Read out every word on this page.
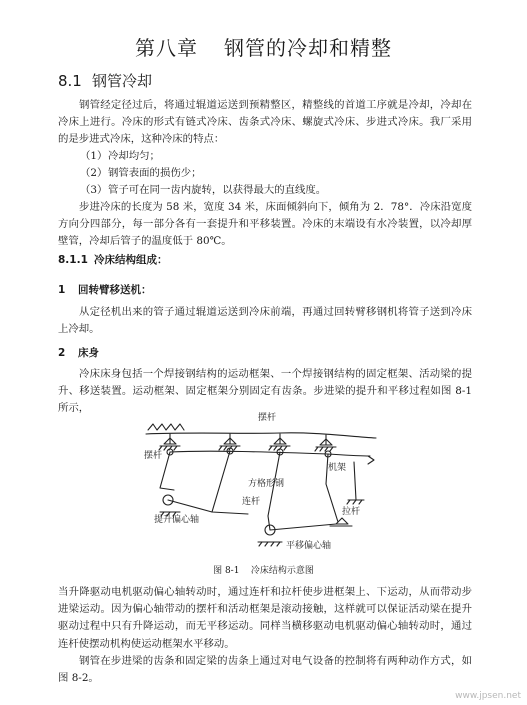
第八章 钢管的冷却和精整
8.1 钢管冷却

钢管经定径过后，将通过辊道运送到预精整区，精整线的首道工序就是冷却，冷却在冷床上进行。冷床的形式有链式冷床、齿条式冷床、螺旋式冷床、步进式冷床。我厂采用的是步进式冷床，这种冷床的特点：

（1）冷却均匀；
（2）钢管表面的损伤少；
（3）管子可在同一齿内旋转，以获得最大的直线度。

步进冷床的长度为 58 米，宽度 34 米，床面倾斜向下，倾角为 2．78°．冷床沿宽度方向分四部分，每一部分各有一套提升和平移装置。冷床的末端设有水冷装置，以冷却厚壁管，冷却后管子的温度低于 80℃。

8.1.1 冷床结构组成：
1 回转臂移送机：

从定径机出来的管子通过辊道运送到冷床前端，再通过回转臂移钢机将管子送到冷床上冷却。

2 床身

冷床床身包括一个焊接钢结构的运动框架、一个焊接钢结构的固定框架、活动梁的提升、移送装置。运动框架、固定框架分别固定有齿条。步进梁的提升和平移过程如图 8-1 所示，

摆杆
机架
摆杆
拉杆
连杆
提升偏心轴
平移偏心轴
方格形钢
图 8-1 冷床结构示意图

当升降驱动电机驱动偏心轴转动时，通过连杆和拉杆使步进框架上、下运动，从而带动步进梁运动。因为偏心轴带动的摆杆和活动框架是滚动接触，这样就可以保证活动梁在提升驱动过程中只有升降运动，而无平移运动。同样当横移驱动电机驱动偏心轴转动时，通过连杆使摆动机构使运动框架水平移动。

钢管在步进梁的齿条和固定梁的齿条上通过对电气设备的控制将有两种动作方式，如图 8-2。

www.jpsen.net
